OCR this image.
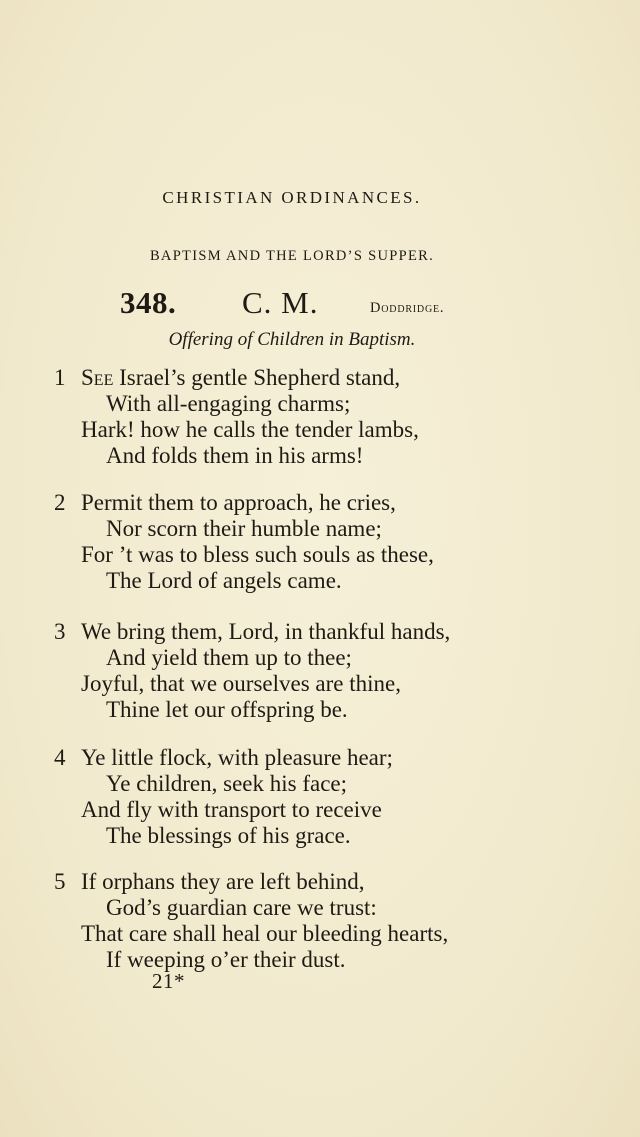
CHRISTIAN ORDINANCES.
BAPTISM AND THE LORD’S SUPPER.
348. C. M.	Doddridge.
Offering of Children in Baptism.
1 See Israel’s gentle Shepherd stand,
With all-engaging charms;
Hark! how he calls the tender lambs,
And folds them in his arms!
2 Permit them to approach, he cries,
Nor scorn their humble name;
For ’t was to bless such souls as these,
The Lord of angels came.
3 We bring them, Lord, in thankful hands,
And yield them up to thee;
Joyful, that we ourselves are thine,
Thine let our offspring be.
4 Ye little flock, with pleasure hear;
Ye children, seek his face;
And fly with transport to receive
The blessings of his grace.
5 If orphans they are left behind,
God’s guardian care we trust:
That care shall heal our bleeding hearts,
If weeping o’er their dust.
21*
